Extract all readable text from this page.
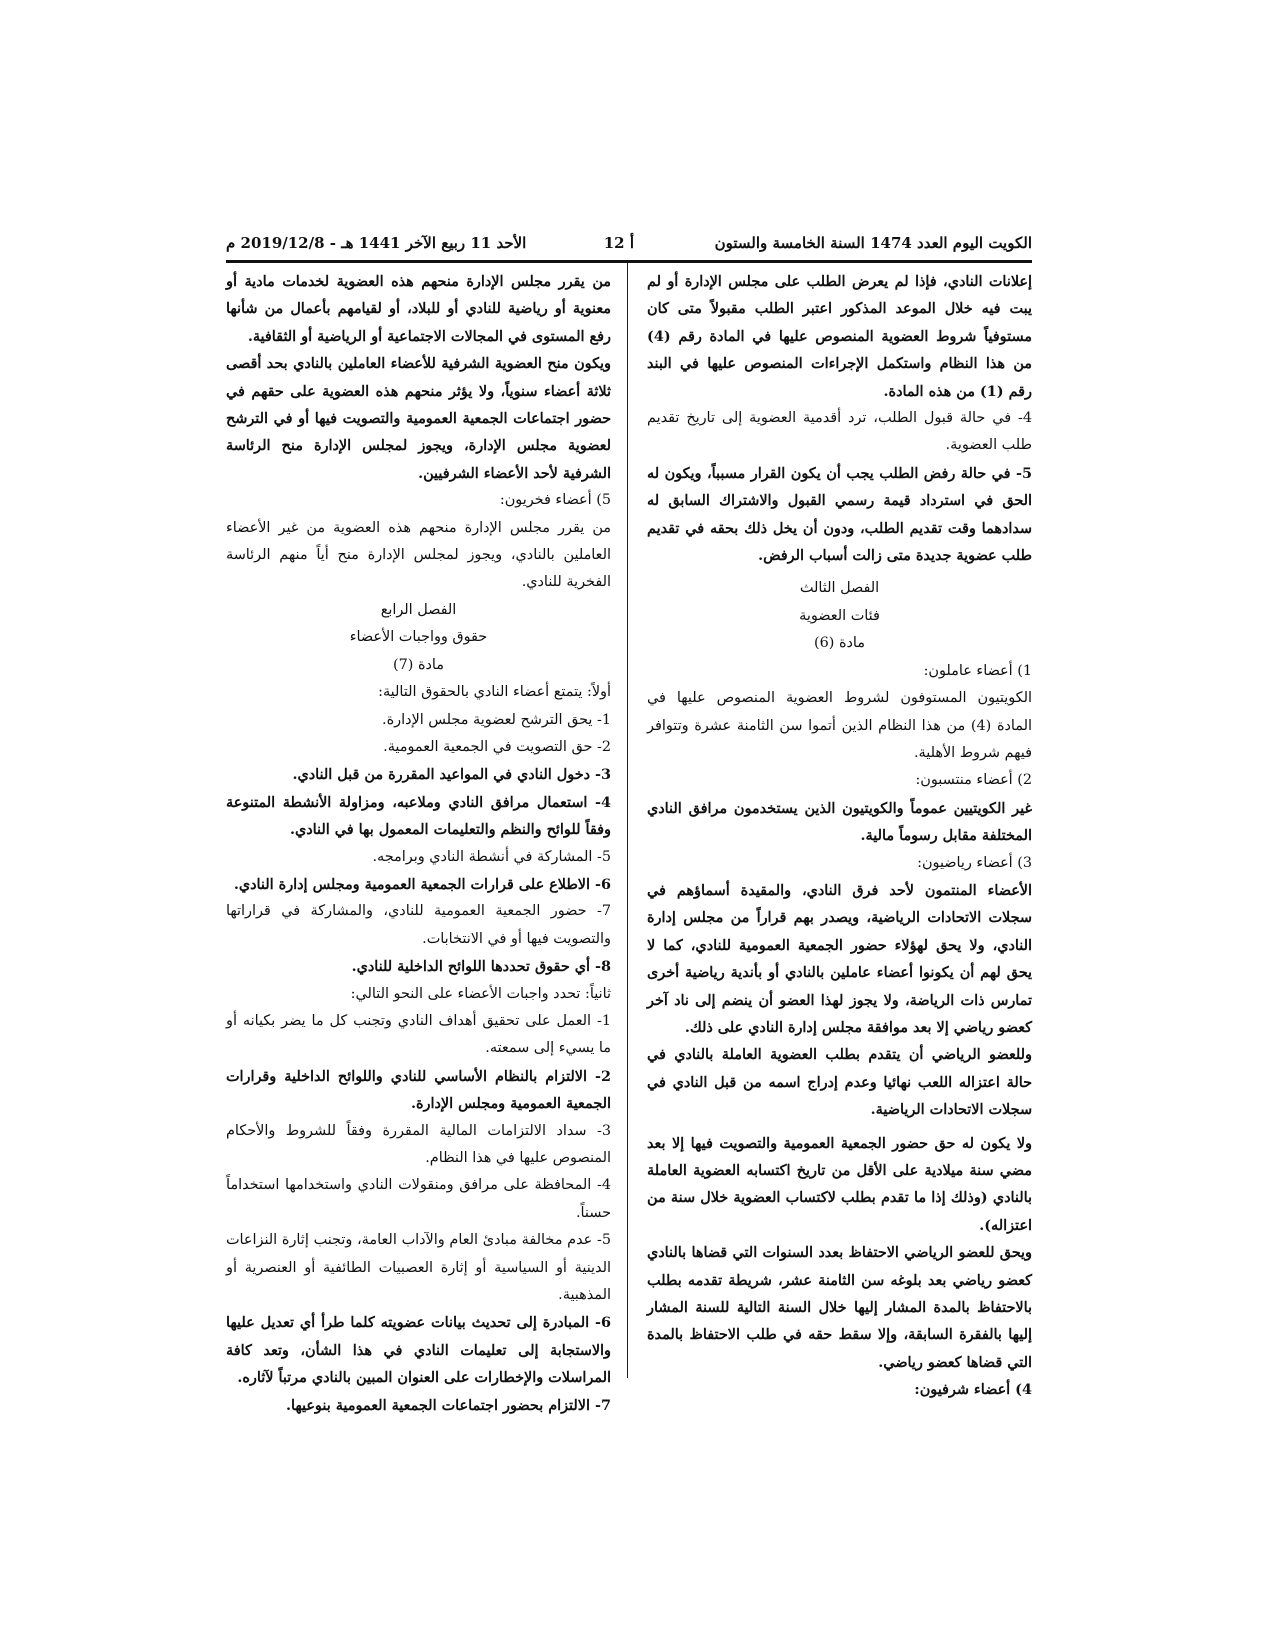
الكويت اليوم العدد 1474 السنة الخامسة والستون
أ 12
الأحد 11 ربيع الآخر 1441 هـ - 2019/12/8 م

إعلانات النادي، فإذا لم يعرض الطلب على مجلس الإدارة أو لم يبت فيه خلال الموعد المذكور اعتبر الطلب مقبولاً متى كان مستوفياً شروط العضوية المنصوص عليها في المادة رقم (4) من هذا النظام واستكمل الإجراءات المنصوص عليها في البند رقم (1) من هذه المادة.

4- في حالة قبول الطلب، ترد أقدمية العضوية إلى تاريخ تقديم طلب العضوية.

5- في حالة رفض الطلب يجب أن يكون القرار مسبباً، ويكون له الحق في استرداد قيمة رسمي القبول والاشتراك السابق له سدادهما وقت تقديم الطلب، ودون أن يخل ذلك بحقه في تقديم طلب عضوية جديدة متى زالت أسباب الرفض.

الفصل الثالث

فئات العضوية

مادة (6)

1) أعضاء عاملون:

الكويتيون المستوفون لشروط العضوية المنصوص عليها في المادة (4) من هذا النظام الذين أتموا سن الثامنة عشرة وتتوافر فيهم شروط الأهلية.

2) أعضاء منتسبون:

غير الكويتيين عموماً والكويتيون الذين يستخدمون مرافق النادي المختلفة مقابل رسوماً مالية.

3) أعضاء رياضيون:

الأعضاء المنتمون لأحد فرق النادي، والمقيدة أسماؤهم في سجلات الاتحادات الرياضية، ويصدر بهم قراراً من مجلس إدارة النادي، ولا يحق لهؤلاء حضور الجمعية العمومية للنادي، كما لا يحق لهم أن يكونوا أعضاء عاملين بالنادي أو بأندية رياضية أخرى تمارس ذات الرياضة، ولا يجوز لهذا العضو أن ينضم إلى ناد آخر كعضو رياضي إلا بعد موافقة مجلس إدارة النادي على ذلك.

وللعضو الرياضي أن يتقدم بطلب العضوية العاملة بالنادي في حالة اعتزاله اللعب نهائيا وعدم إدراج اسمه من قبل النادي في سجلات الاتحادات الرياضية.

ولا يكون له حق حضور الجمعية العمومية والتصويت فيها إلا بعد مضي سنة ميلادية على الأقل من تاريخ اكتسابه العضوية العاملة بالنادي (وذلك إذا ما تقدم بطلب لاكتساب العضوية خلال سنة من اعتزاله).

ويحق للعضو الرياضي الاحتفاظ بعدد السنوات التي قضاها بالنادي كعضو رياضي بعد بلوغه سن الثامنة عشر، شريطة تقدمه بطلب بالاحتفاظ بالمدة المشار إليها خلال السنة التالية للسنة المشار إليها بالفقرة السابقة، وإلا سقط حقه في طلب الاحتفاظ بالمدة التي قضاها كعضو رياضي.

4) أعضاء شرفيون:

من يقرر مجلس الإدارة منحهم هذه العضوية لخدمات مادية أو معنوية أو رياضية للنادي أو للبلاد، أو لقيامهم بأعمال من شأنها رفع المستوى في المجالات الاجتماعية أو الرياضية أو الثقافية.

ويكون منح العضوية الشرفية للأعضاء العاملين بالنادي بحد أقصى ثلاثة أعضاء سنوياً، ولا يؤثر منحهم هذه العضوية على حقهم في حضور اجتماعات الجمعية العمومية والتصويت فيها أو في الترشح لعضوية مجلس الإدارة، ويجوز لمجلس الإدارة منح الرئاسة الشرفية لأحد الأعضاء الشرفيين.

5) أعضاء فخريون:

من يقرر مجلس الإدارة منحهم هذه العضوية من غير الأعضاء العاملين بالنادي، ويجوز لمجلس الإدارة منح أياً منهم الرئاسة الفخرية للنادي.

الفصل الرابع

حقوق وواجبات الأعضاء

مادة (7)

أولاً: يتمتع أعضاء النادي بالحقوق التالية:

1- يحق الترشح لعضوية مجلس الإدارة.

2- حق التصويت في الجمعية العمومية.

3- دخول النادي في المواعيد المقررة من قبل النادي.

4- استعمال مرافق النادي وملاعبه، ومزاولة الأنشطة المتنوعة وفقاً للوائح والنظم والتعليمات المعمول بها في النادي.

5- المشاركة في أنشطة النادي وبرامجه.

6- الاطلاع على قرارات الجمعية العمومية ومجلس إدارة النادي.

7- حضور الجمعية العمومية للنادي، والمشاركة في قراراتها والتصويت فيها أو في الانتخابات.

8- أي حقوق تحددها اللوائح الداخلية للنادي.

ثانياً: تحدد واجبات الأعضاء على النحو التالي:

1- العمل على تحقيق أهداف النادي وتجنب كل ما يضر بكيانه أو ما يسيء إلى سمعته.

2- الالتزام بالنظام الأساسي للنادي واللوائح الداخلية وقرارات الجمعية العمومية ومجلس الإدارة.

3- سداد الالتزامات المالية المقررة وفقاً للشروط والأحكام المنصوص عليها في هذا النظام.

4- المحافظة على مرافق ومنقولات النادي واستخدامها استخداماً حسناً.

5- عدم مخالفة مبادئ العام والآداب العامة، وتجنب إثارة النزاعات الدينية أو السياسية أو إثارة العصبيات الطائفية أو العنصرية أو المذهبية.

6- المبادرة إلى تحديث بيانات عضويته كلما طرأ أي تعديل عليها والاستجابة إلى تعليمات النادي في هذا الشأن، وتعد كافة المراسلات والإخطارات على العنوان المبين بالنادي مرتباً لآثاره.

7- الالتزام بحضور اجتماعات الجمعية العمومية بنوعيها.
